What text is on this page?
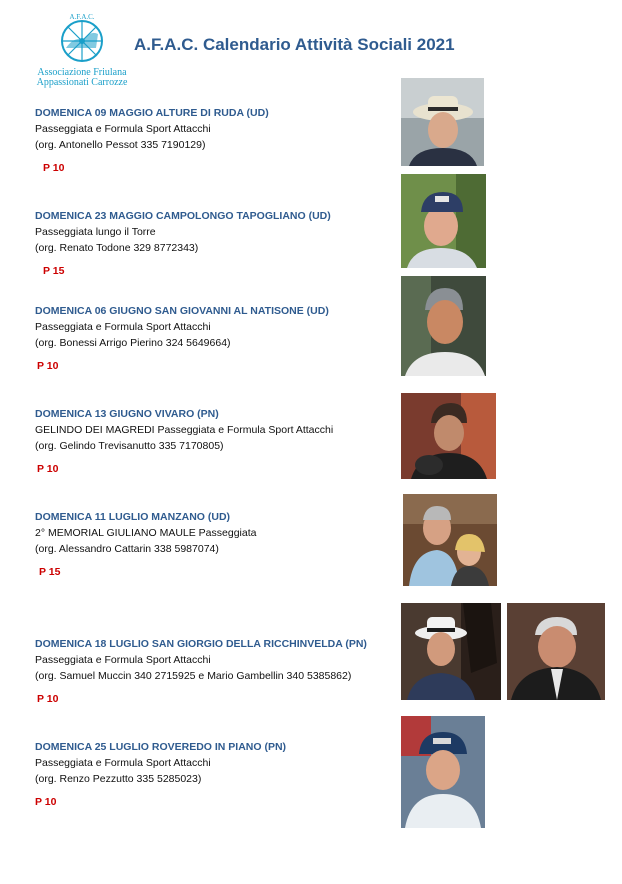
A.F.A.C.
Associazione Friulana
Appassionati Carrozze
A.F.A.C. Calendario Attività Sociali 2021
DOMENICA 09 MAGGIO ALTURE DI RUDA (UD)
Passeggiata e Formula Sport Attacchi
(org. Antonello Pessot 335 7190129)
P 10
DOMENICA 23 MAGGIO CAMPOLONGO TAPOGLIANO (UD)
Passeggiata lungo il Torre
(org. Renato Todone 329 8772343)
P 15
DOMENICA 06 GIUGNO SAN GIOVANNI AL NATISONE (UD)
Passeggiata e Formula Sport Attacchi
(org. Bonessi Arrigo Pierino 324 5649664)
P 10
DOMENICA 13 GIUGNO VIVARO (PN)
GELINDO DEI MAGREDI Passeggiata e Formula Sport Attacchi
(org. Gelindo Trevisanutto 335 7170805)
P 10
DOMENICA 11 LUGLIO MANZANO (UD)
2° MEMORIAL GIULIANO MAULE Passeggiata
(org. Alessandro Cattarin 338 5987074)
P 15
DOMENICA 18 LUGLIO SAN GIORGIO DELLA RICCHINVELDA (PN)
Passeggiata e Formula Sport Attacchi
(org. Samuel Muccin 340 2715925 e Mario Gambellin 340 5385862)
P 10
DOMENICA 25 LUGLIO ROVEREDO IN PIANO (PN)
Passeggiata e Formula Sport Attacchi
(org. Renzo Pezzutto 335 5285023)
P 10
